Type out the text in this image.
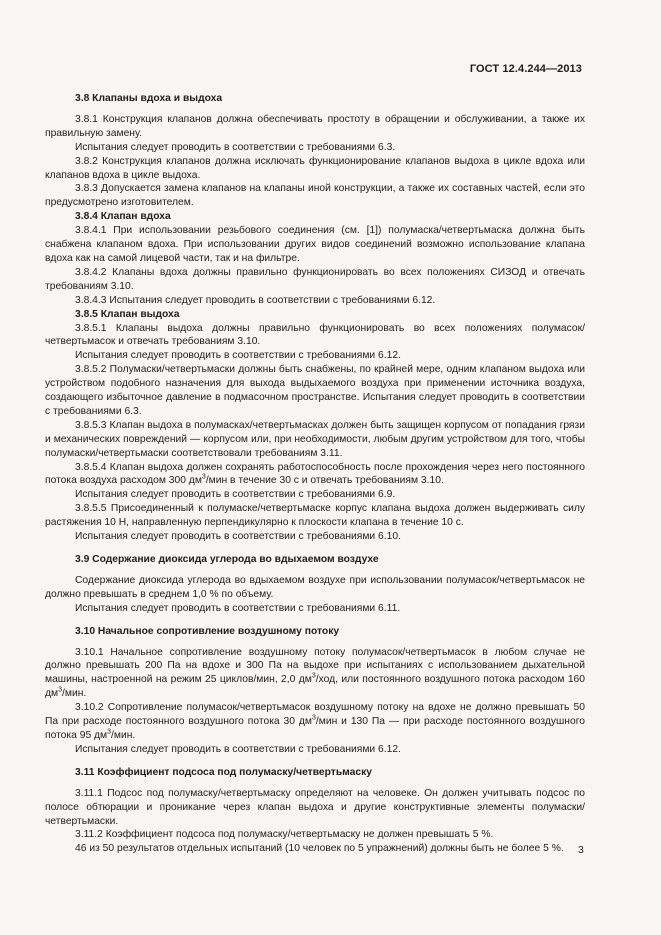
ГОСТ 12.4.244—2013

3.8 Клапаны вдоха и выдоха

3.8.1 Конструкция клапанов должна обеспечивать простоту в обращении и обслуживании, а также их правильную замену.

Испытания следует проводить в соответствии с требованиями 6.3.

3.8.2 Конструкция клапанов должна исключать функционирование клапанов выдоха в цикле вдоха или клапанов вдоха в цикле выдоха.

3.8.3 Допускается замена клапанов на клапаны иной конструкции, а также их составных частей, если это предусмотрено изготовителем.

3.8.4 Клапан вдоха

3.8.4.1 При использовании резьбового соединения (см. [1]) полумаска/четвертьмаска должна быть снабжена клапаном вдоха. При использовании других видов соединений возможно использование клапана вдоха как на самой лицевой части, так и на фильтре.

3.8.4.2 Клапаны вдоха должны правильно функционировать во всех положениях СИЗОД и отвечать требованиям 3.10.

3.8.4.3 Испытания следует проводить в соответствии с требованиями 6.12.

3.8.5 Клапан выдоха

3.8.5.1 Клапаны выдоха должны правильно функционировать во всех положениях полумасок/четвертьмасок и отвечать требованиям 3.10.

Испытания следует проводить в соответствии с требованиями 6.12.

3.8.5.2 Полумаски/четвертьмаски должны быть снабжены, по крайней мере, одним клапаном выдоха или устройством подобного назначения для выхода выдыхаемого воздуха при применении источника воздуха, создающего избыточное давление в подмасочном пространстве. Испытания следует проводить в соответствии с требованиями 6.3.

3.8.5.3 Клапан выдоха в полумасках/четвертьмасках должен быть защищен корпусом от попадания грязи и механических повреждений — корпусом или, при необходимости, любым другим устройством для того, чтобы полумаски/четвертьмаски соответствовали требованиям 3.11.

3.8.5.4 Клапан выдоха должен сохранять работоспособность после прохождения через него постоянного потока воздуха расходом 300 $дм^3$/мин в течение 30 с и отвечать требованиям 3.10.

Испытания следует проводить в соответствии с требованиями 6.9.

3.8.5.5 Присоединенный к полумаске/четвертьмаске корпус клапана выдоха должен выдерживать силу растяжения 10 Н, направленную перпендикулярно к плоскости клапана в течение 10 с.

Испытания следует проводить в соответствии с требованиями 6.10.

3.9 Содержание диоксида углерода во вдыхаемом воздухе

Содержание диоксида углерода во вдыхаемом воздухе при использовании полумасок/четвертьмасок не должно превышать в среднем 1,0 % по объему.

Испытания следует проводить в соответствии с требованиями 6.11.

3.10 Начальное сопротивление воздушному потоку

3.10.1 Начальное сопротивление воздушному потоку полумасок/четвертьмасок в любом случае не должно превышать 200 Па на вдохе и 300 Па на выдохе при испытаниях с использованием дыхательной машины, настроенной на режим 25 циклов/мин, 2,0 $дм^3$/ход, или постоянного воздушного потока расходом 160 $дм^3$/мин.

3.10.2 Сопротивление полумасок/четвертьмасок воздушному потоку на вдохе не должно превышать 50 Па при расходе постоянного воздушного потока 30 $дм^3$/мин и 130 Па — при расходе постоянного воздушного потока 95 $дм^3$/мин.

Испытания следует проводить в соответствии с требованиями 6.12.

3.11 Коэффициент подсоса под полумаску/четвертьмаску

3.11.1 Подсос под полумаску/четвертьмаску определяют на человеке. Он должен учитывать подсос по полосе обтюрации и проникание через клапан выдоха и другие конструктивные элементы полумаски/четвертьмаски.

3.11.2 Коэффициент подсоса под полумаску/четвертьмаску не должен превышать 5 %.

46 из 50 результатов отдельных испытаний (10 человек по 5 упражнений) должны быть не более 5 %.	3
